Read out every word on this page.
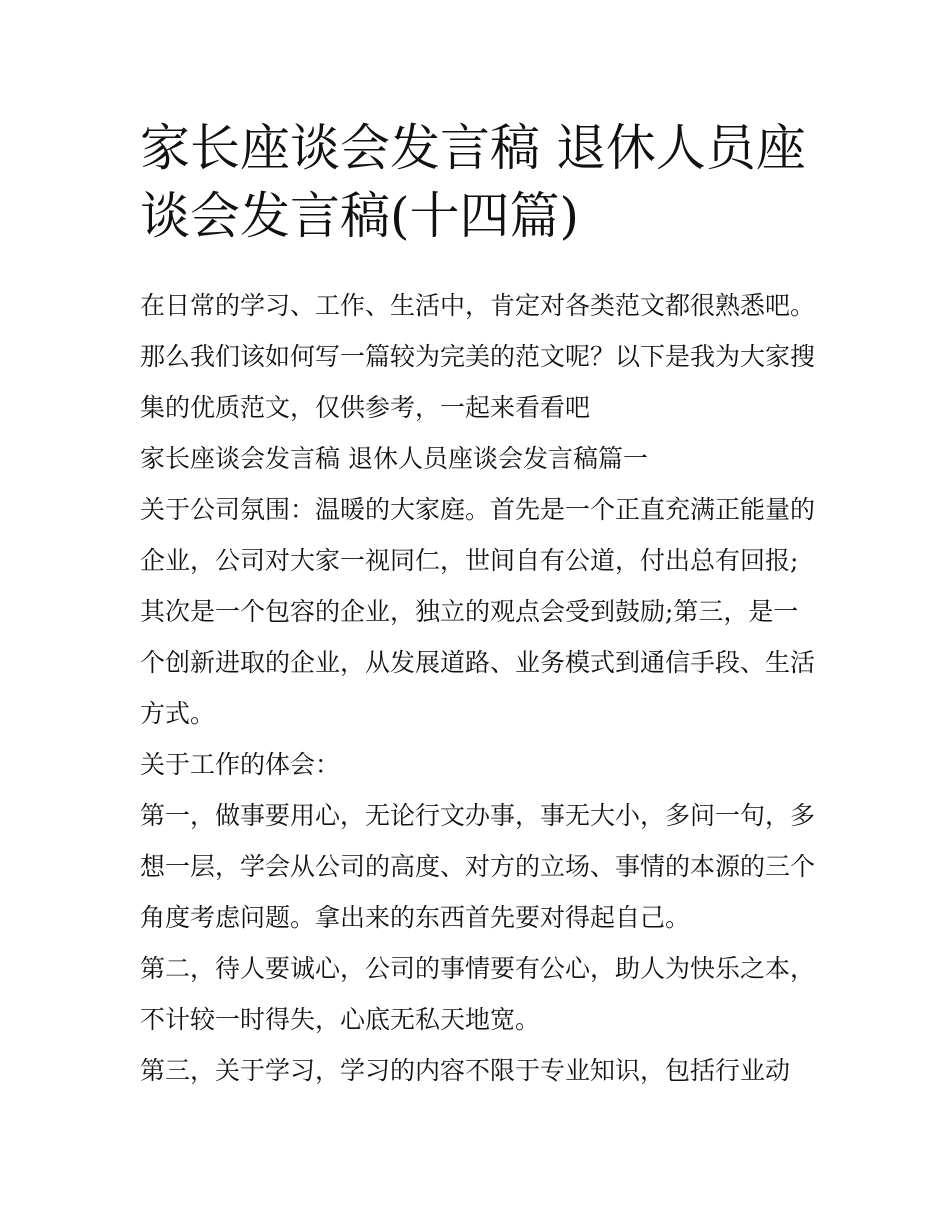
家长座谈会发言稿 退休人员座谈会发言稿(十四篇)

在日常的学习、工作、生活中，肯定对各类范文都很熟悉吧。那么我们该如何写一篇较为完美的范文呢？以下是我为大家搜集的优质范文，仅供参考，一起来看看吧

家长座谈会发言稿 退休人员座谈会发言稿篇一

关于公司氛围：温暖的大家庭。首先是一个正直充满正能量的企业，公司对大家一视同仁，世间自有公道，付出总有回报;其次是一个包容的企业，独立的观点会受到鼓励;第三，是一个创新进取的企业，从发展道路、业务模式到通信手段、生活方式。

关于工作的体会：

第一，做事要用心，无论行文办事，事无大小，多问一句，多想一层，学会从公司的高度、对方的立场、事情的本源的三个角度考虑问题。拿出来的东西首先要对得起自己。

第二，待人要诚心，公司的事情要有公心，助人为快乐之本，不计较一时得失，心底无私天地宽。

第三，关于学习，学习的内容不限于专业知识，包括行业动
